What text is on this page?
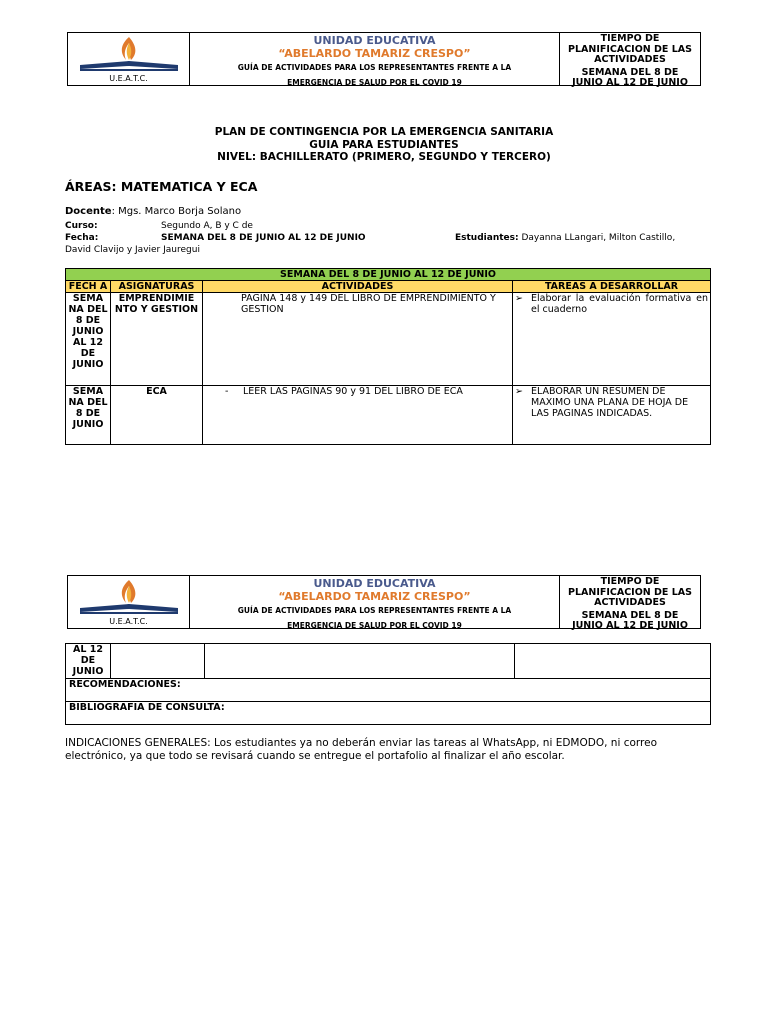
U.E.A.T.C.
UNIDAD EDUCATIVA
“ABELARDO TAMARIZ CRESPO”
GUÍA DE ACTIVIDADES PARA LOS REPRESENTANTES FRENTE A LA
EMERGENCIA DE SALUD POR EL COVID 19
TIEMPO DE
PLANIFICACION DE LAS
ACTIVIDADES
SEMANA DEL 8 DE
JUNIO AL 12 DE JUNIO
PLAN DE CONTINGENCIA POR LA EMERGENCIA SANITARIA
GUIA PARA ESTUDIANTES
NIVEL: BACHILLERATO (PRIMERO, SEGUNDO Y TERCERO)
ÁREAS: MATEMATICA Y ECA
Docente: Mgs. Marco Borja Solano
Curso:	Segundo A, B y C de
Fecha:	SEMANA DEL 8 DE JUNIO AL 12 DE JUNIO	Estudiantes: Dayanna LLangari, Milton Castillo,
David Clavijo y Javier Jauregui
SEMANA DEL 8 DE JUNIO AL 12 DE JUNIO			
FECH A	ASIGNATURAS	ACTIVIDADES	TAREAS A DESARROLLAR
SEMA NA DEL 8 DE JUNIO AL 12 DE JUNIO	EMPRENDIMIE NTO Y GESTION	PAGINA 148 y 149 DEL LIBRO DE EMPRENDIMIENTO Y GESTION	➢ Elaborar la evaluación formativa en el cuaderno

SEMA NA DEL 8 DE JUNIO	ECA	- LEER LAS PAGINAS 90 y 91 DEL LIBRO DE ECA	➢ ELABORAR UN RESUMEN DE MAXIMO UNA PLANA DE HOJA DE LAS PAGINAS INDICADAS.
U.E.A.T.C.
UNIDAD EDUCATIVA
“ABELARDO TAMARIZ CRESPO”
GUÍA DE ACTIVIDADES PARA LOS REPRESENTANTES FRENTE A LA
EMERGENCIA DE SALUD POR EL COVID 19
TIEMPO DE
PLANIFICACION DE LAS
ACTIVIDADES
SEMANA DEL 8 DE
JUNIO AL 12 DE JUNIO
AL 12 DE JUNIO			
RECOMENDACIONES:
BIBLIOGRAFIA DE CONSULTA:
INDICACIONES GENERALES: Los estudiantes ya no deberán enviar las tareas al WhatsApp, ni EDMODO, ni correo electrónico, ya que todo se revisará cuando se entregue el portafolio al finalizar el año escolar.
